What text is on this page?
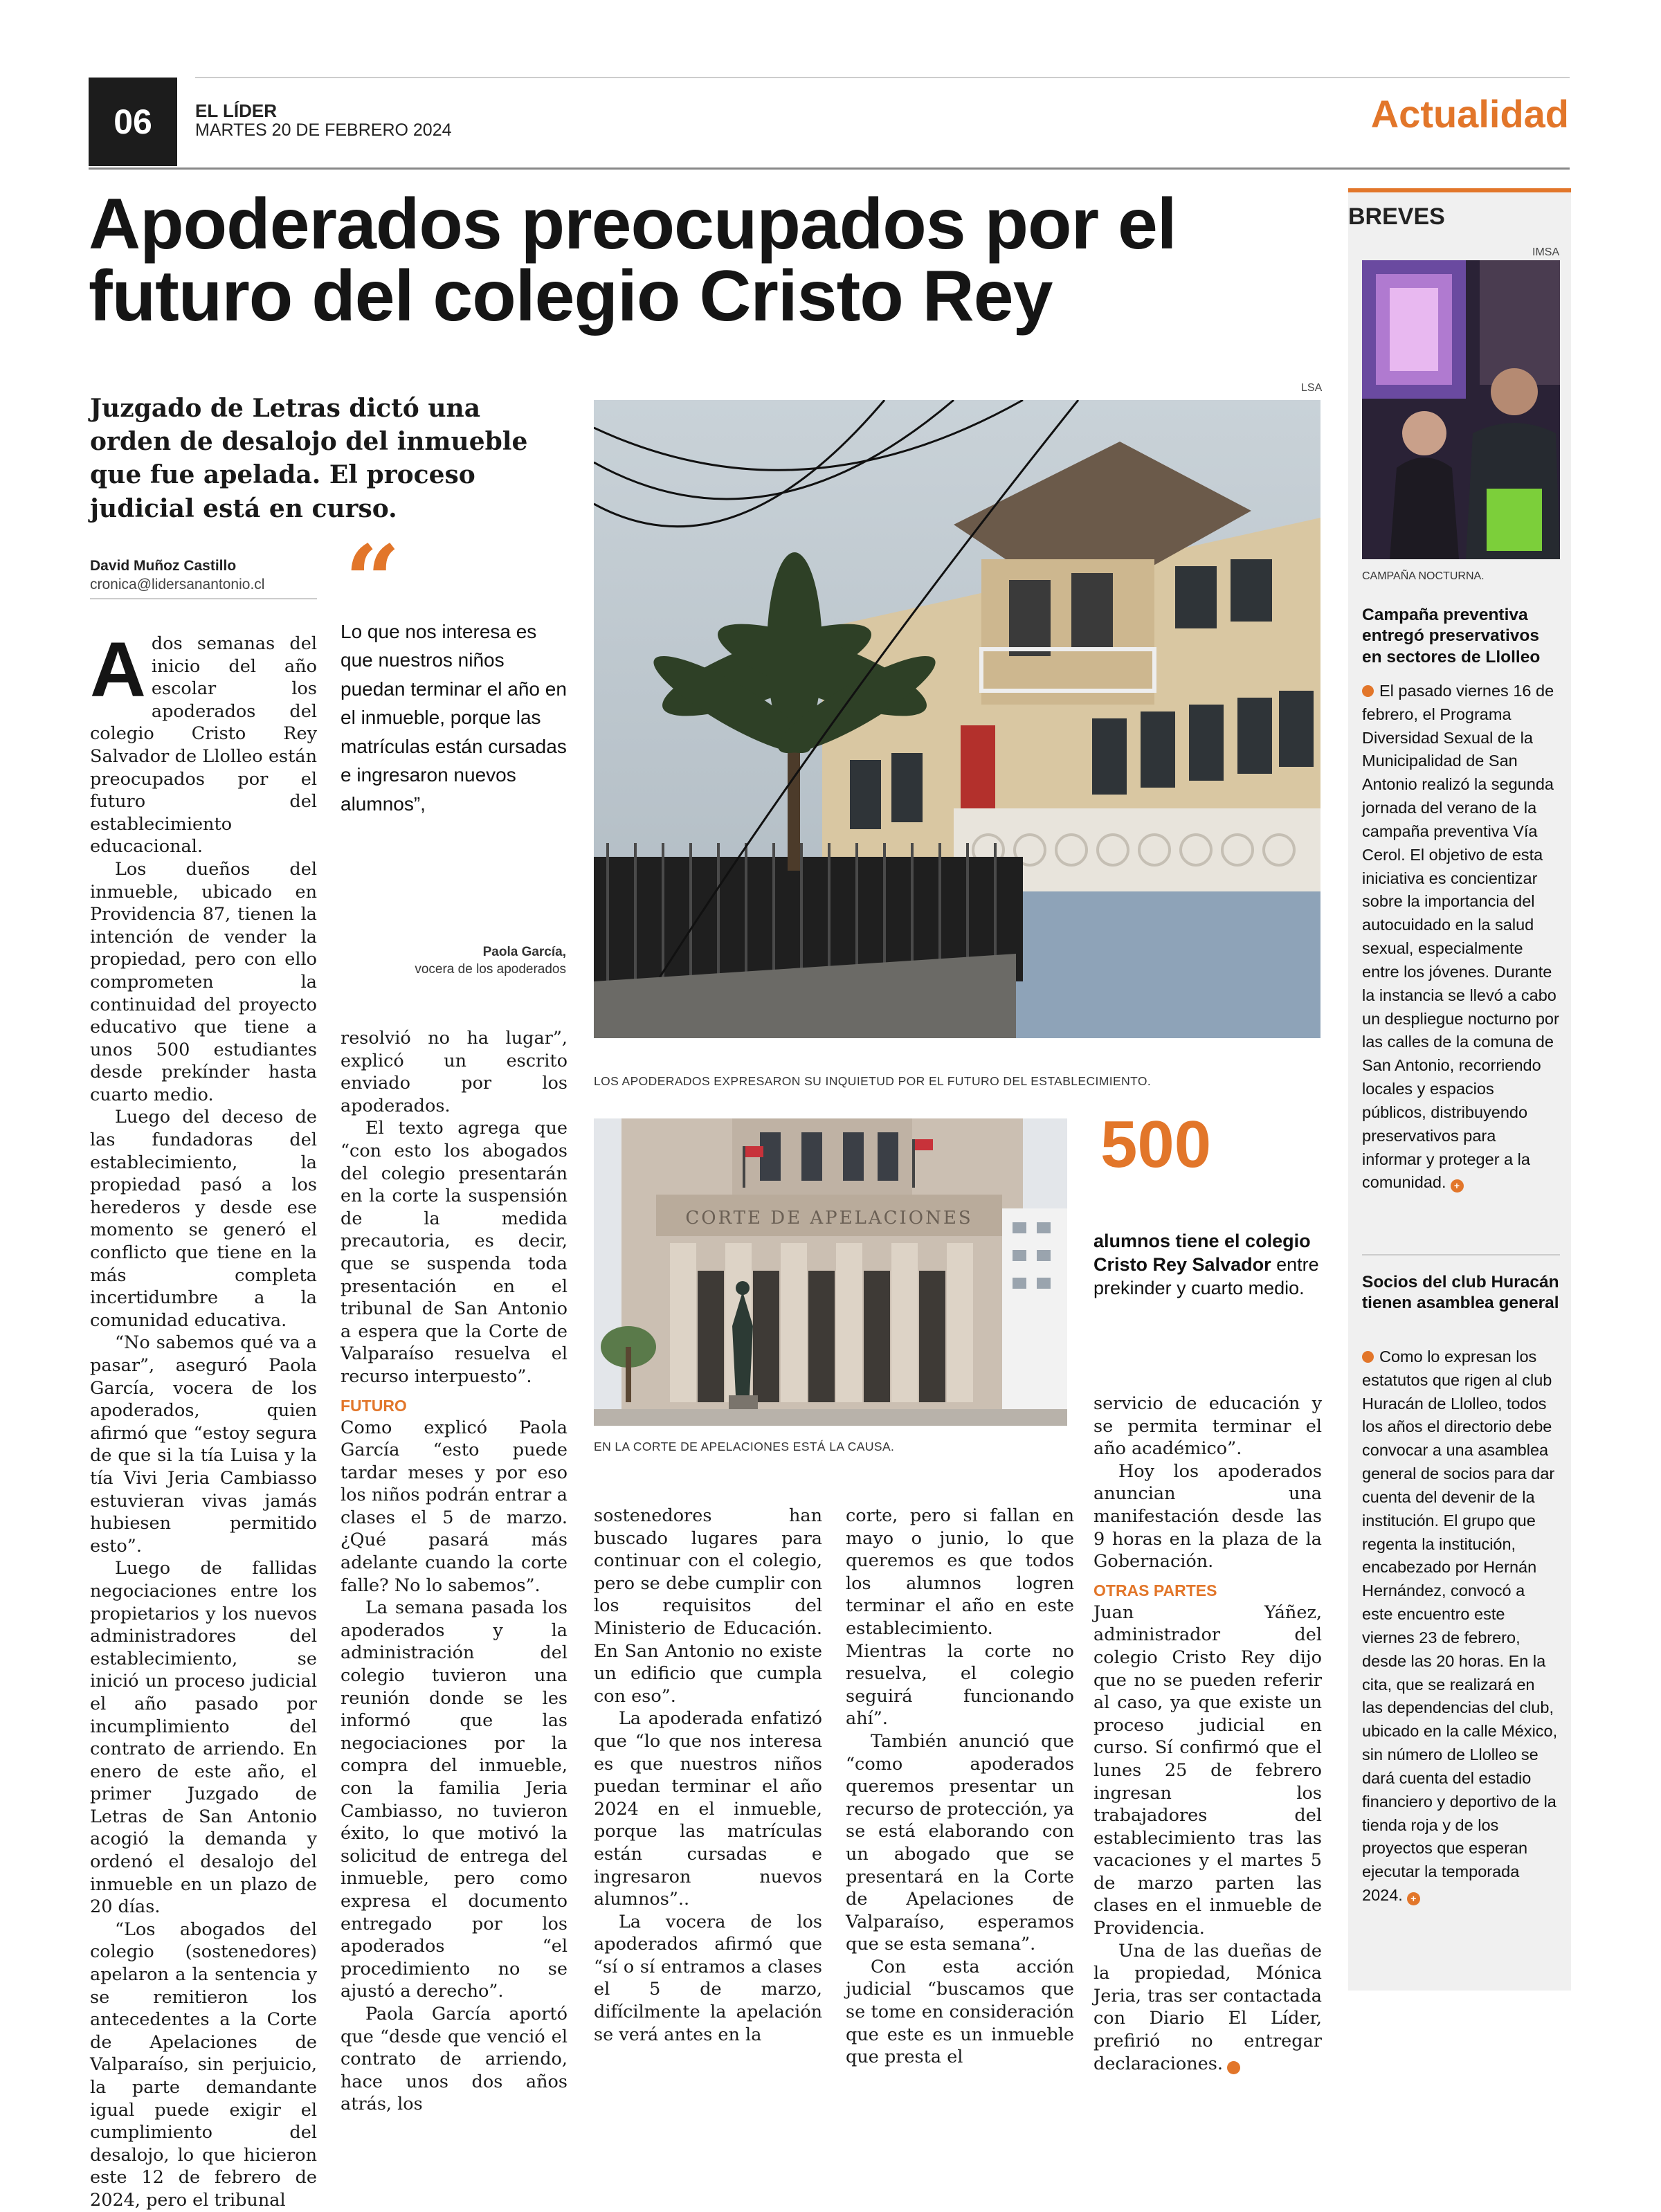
06	EL LÍDER
MARTES 20 DE FEBRERO 2024	Actualidad
Apoderados preocupados por el futuro del colegio Cristo Rey
Juzgado de Letras dictó una orden de desalojo del inmueble que fue apelada. El proceso judicial está en curso.
David Muñoz Castillo
cronica@lidersanantonio.cl “
Lo que nos interesa es que nuestros niños puedan terminar el año en el inmueble, porque las matrículas están cursadas e ingresaron nuevos alumnos”,
Paola García,
vocera de los apoderados

Ados semanas del inicio del año escolar los apoderados del colegio Cristo Rey Salvador de Llolleo están preocupados por el futuro del establecimiento educacional.

Los dueños del inmueble, ubicado en Providencia 87, tienen la intención de vender la propiedad, pero con ello comprometen la continuidad del proyecto educativo que tiene a unos 500 estudiantes desde prekínder hasta cuarto medio.

Luego del deceso de las fundadoras del establecimiento, la propiedad pasó a los herederos y desde ese momento se generó el conflicto que tiene en la más completa incertidumbre a la comunidad educativa.

“No sabemos qué va a pasar”, aseguró Paola García, vocera de los apoderados, quien afirmó que “estoy segura de que si la tía Luisa y la tía Vivi Jeria Cambiasso estuvieran vivas jamás hubiesen permitido esto”.

Luego de fallidas negociaciones entre los propietarios y los nuevos administradores del establecimiento, se inició un proceso judicial el año pasado por incumplimiento del contrato de arriendo. En enero de este año, el primer Juzgado de Letras de San Antonio acogió la demanda y ordenó el desalojo del inmueble en un plazo de 20 días.

“Los abogados del colegio (sostenedores) apelaron a la sentencia y se remitieron los antecedentes a la Corte de Apelaciones de Valparaíso, sin perjuicio, la parte demandante igual puede exigir el cumplimiento del desalojo, lo que hicieron este 12 de febrero de 2024, pero el tribunal

resolvió no ha lugar”, explicó un escrito enviado por los apoderados.

El texto agrega que “con esto los abogados del colegio presentarán en la corte la suspensión de la medida precautoria, es decir, que se suspenda toda presentación en el tribunal de San Antonio a espera que la Corte de Valparaíso resuelva el recurso interpuesto”.

FUTURO

Como explicó Paola García “esto puede tardar meses y por eso los niños podrán entrar a clases el 5 de marzo. ¿Qué pasará más adelante cuando la corte falle? No lo sabemos”.

La semana pasada los apoderados y la administración del colegio tuvieron una reunión donde se les informó que las negociaciones por la compra del inmueble, con la familia Jeria Cambiasso, no tuvieron éxito, lo que motivó la solicitud de entrega del inmueble, pero como expresa el documento entregado por los apoderados “el procedimiento no se ajustó a derecho”.

Paola García aportó que “desde que venció el contrato de arriendo, hace unos dos años atrás, los

LSA
LOS APODERADOS EXPRESARON SU INQUIETUD POR EL FUTURO DEL ESTABLECIMIENTO.
CORTE DE APELACIONES
EN LA CORTE DE APELACIONES ESTÁ LA CAUSA.
500
alumnos tiene el colegio Cristo Rey Salvador entre prekinder y cuarto medio.

sostenedores han buscado lugares para continuar con el colegio, pero se debe cumplir con los requisitos del Ministerio de Educación. En San Antonio no existe un edificio que cumpla con eso”.

La apoderada enfatizó que “lo que nos interesa es que nuestros niños puedan terminar el año 2024 en el inmueble, porque las matrículas están cursadas e ingresaron nuevos alumnos”..

La vocera de los apoderados afirmó que “sí o sí entramos a clases el 5 de marzo, difícilmente la apelación se verá antes en la

corte, pero si fallan en mayo o junio, lo que queremos es que todos los alumnos logren terminar el año en este establecimiento. Mientras la corte no resuelva, el colegio seguirá funcionando ahí”.

También anunció que “como apoderados queremos presentar un recurso de protección, ya se está elaborando con un abogado que se presentará en la Corte de Apelaciones de Valparaíso, esperamos que se esta semana”.

Con esta acción judicial “buscamos que se tome en consideración que este es un inmueble que presta el

servicio de educación y se permita terminar el año académico”.

Hoy los apoderados anuncian una manifestación desde las 9 horas en la plaza de la Gobernación.

OTRAS PARTES

Juan Yáñez, administrador del colegio Cristo Rey dijo que no se pueden referir al caso, ya que existe un proceso judicial en curso. Sí confirmó que el lunes 25 de febrero ingresan los trabajadores del establecimiento tras las vacaciones y el martes 5 de marzo parten las clases en el inmueble de Providencia.

Una de las dueñas de la propiedad, Mónica Jeria, tras ser contactada con Diario El Líder, prefirió no entregar declaraciones.	+

BREVES
IMSA
CAMPAÑA NOCTURNA.
Campaña preventiva entregó preservativos en sectores de Llolleo
El pasado viernes 16 de febrero, el Programa Diversidad Sexual de la Municipalidad de San Antonio realizó la segunda jornada del verano de la campaña preventiva Vía Cerol. El objetivo de esta iniciativa es concientizar sobre la importancia del autocuidado en la salud sexual, especialmente entre los jóvenes. Durante la instancia se llevó a cabo un despliegue nocturno por las calles de la comuna de San Antonio, recorriendo locales y espacios públicos, distribuyendo preservativos para informar y proteger a la comunidad. +
Socios del club Huracán tienen asamblea general
Como lo expresan los estatutos que rigen al club Huracán de Llolleo, todos los años el directorio debe convocar a una asamblea general de socios para dar cuenta del devenir de la institución. El grupo que regenta la institución, encabezado por Hernán Hernández, convocó a este encuentro este viernes 23 de febrero, desde las 20 horas. En la cita, que se realizará en las dependencias del club, ubicado en la calle México, sin número de Llolleo se dará cuenta del estadio financiero y deportivo de la tienda roja y de los proyectos que esperan ejecutar la temporada 2024. +
